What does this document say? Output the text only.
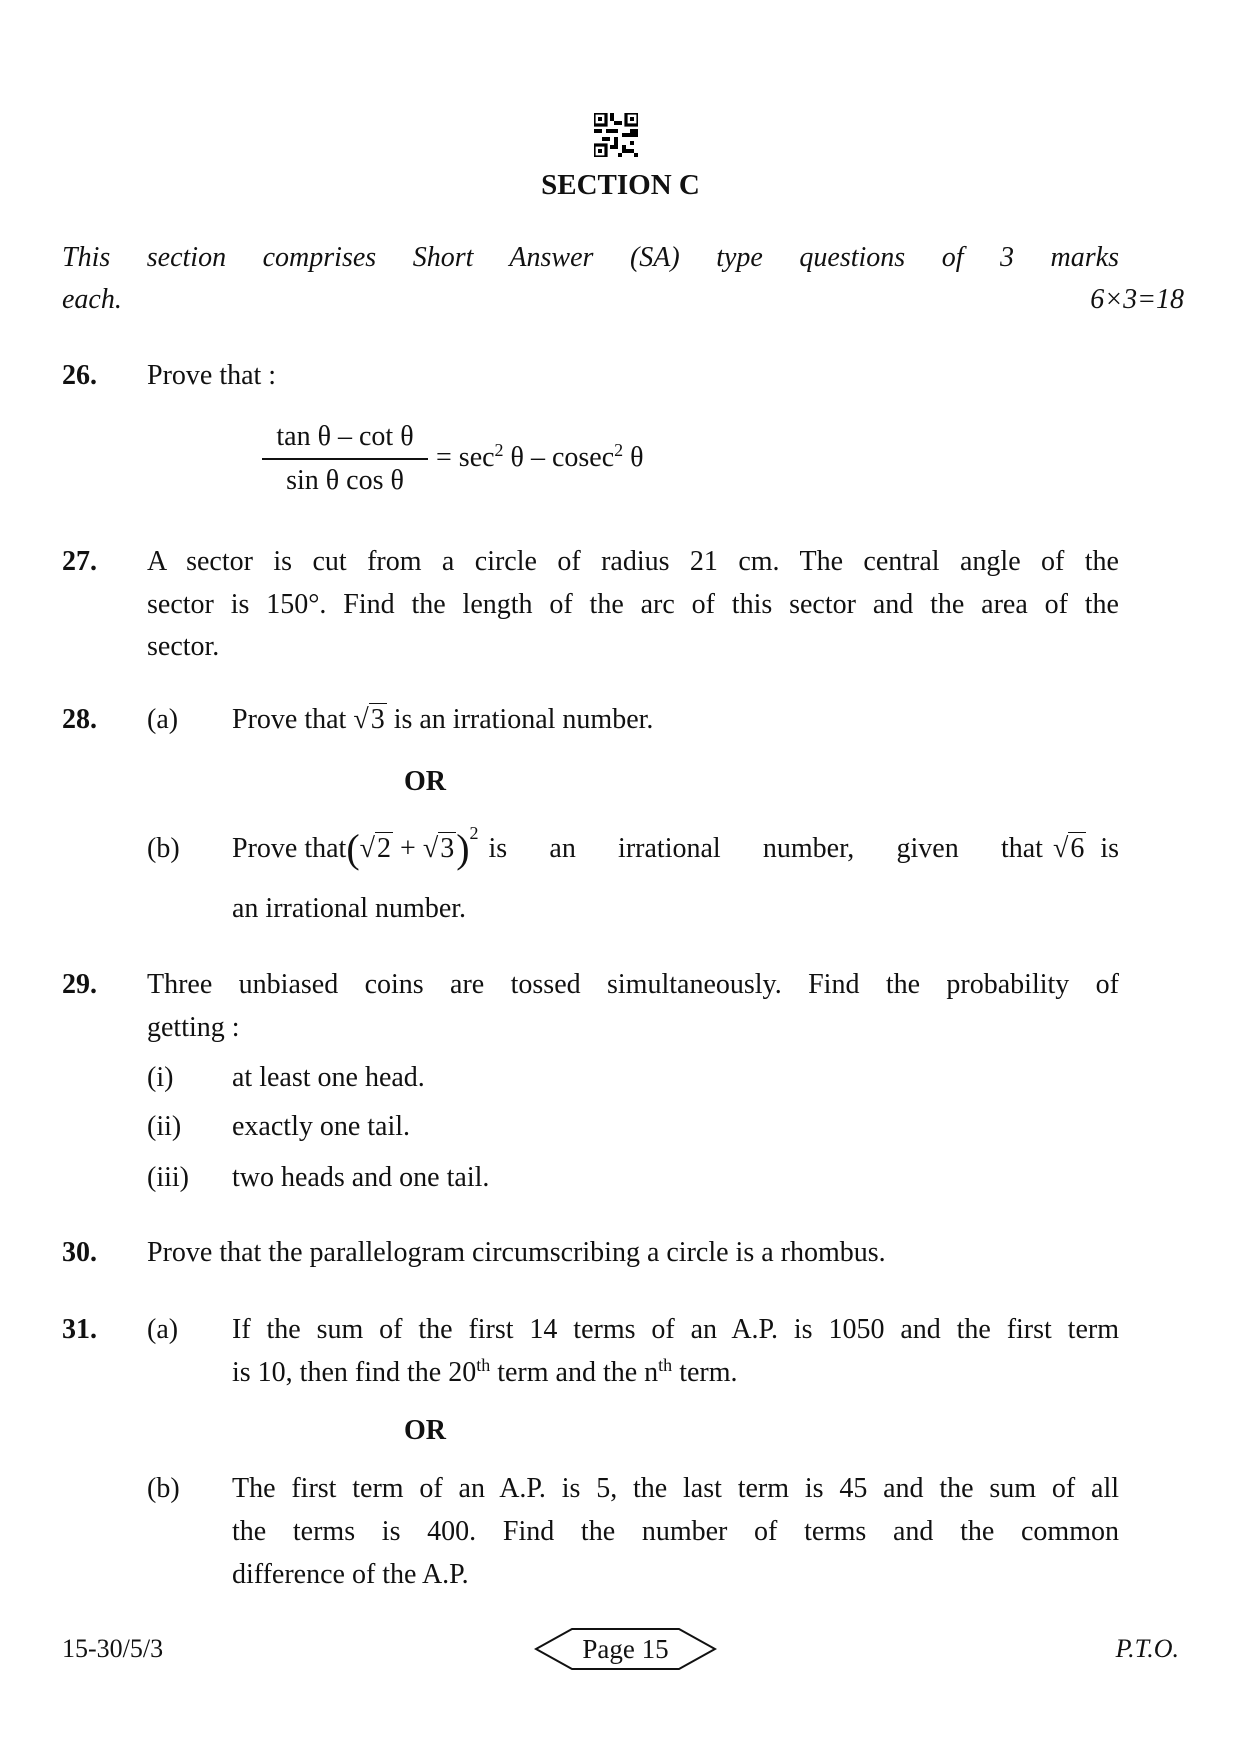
SECTION C
This section comprises Short Answer (SA) type questions of 3 marks
each.	6×3=18
26. Prove that :
tan θ – cot θ
sin θ cos θ
= $\sec^2 \theta - cosec^2$ θ
27. A sector is cut from a circle of radius 21 cm. The central angle of the
sector is 150°. Find the length of the arc of this sector and the area of the
sector.
28. (a) Prove that √3 is an irrational number.
OR
(b) Prove that $(√2 + √3)^2$ is an irrational number, given that √6 is
an irrational number.
29. Three unbiased coins are tossed simultaneously. Find the probability of
getting :
(i) at least one head.
(ii) exactly one tail.
(iii) two heads and one tail.
30. Prove that the parallelogram circumscribing a circle is a rhombus.
31. (a) If the sum of the first 14 terms of an A.P. is 1050 and the first term
is 10, then find the 20th term and the $n^{th}$ term.
OR
(b) The first term of an A.P. is 5, the last term is 45 and the sum of all
the terms is 400. Find the number of terms and the common
difference of the A.P.
15-30/5/3	Page 15	P.T.O.
